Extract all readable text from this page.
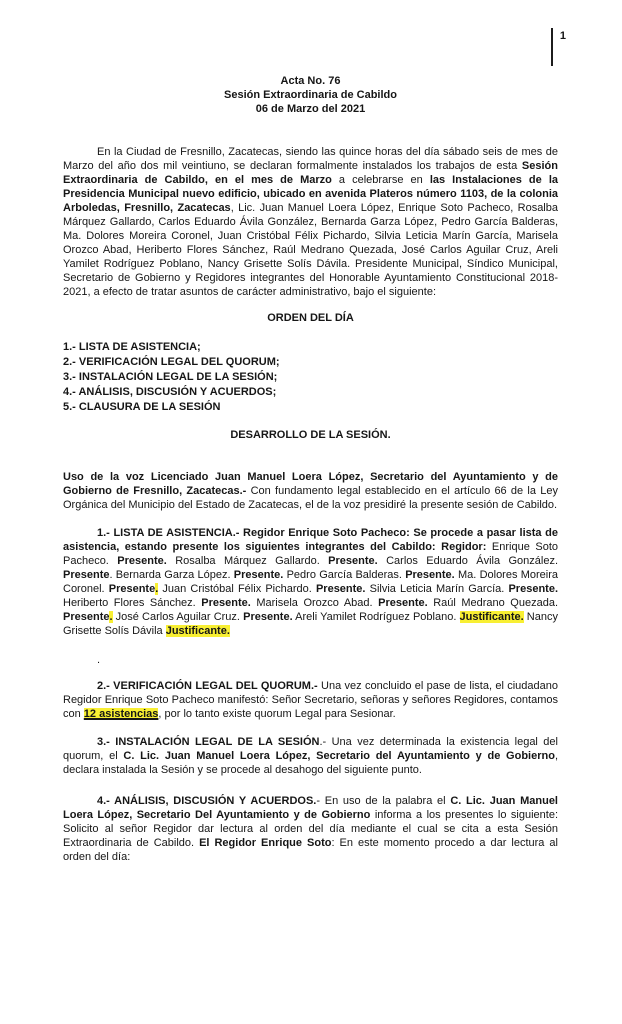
1
Acta No. 76
Sesión Extraordinaria de Cabildo
06 de Marzo del 2021
En la Ciudad de Fresnillo, Zacatecas, siendo las quince horas del día sábado seis de mes de Marzo del año dos mil veintiuno, se declaran formalmente instalados los trabajos de esta Sesión Extraordinaria de Cabildo, en el mes de Marzo a celebrarse en las Instalaciones de la Presidencia Municipal nuevo edificio, ubicado en avenida Plateros número 1103, de la colonia Arboledas, Fresnillo, Zacatecas, Lic. Juan Manuel Loera López, Enrique Soto Pacheco, Rosalba Márquez Gallardo, Carlos Eduardo Ávila González, Bernarda Garza López, Pedro García Balderas, Ma. Dolores Moreira Coronel, Juan Cristóbal Félix Pichardo, Silvia Leticia Marín García, Marisela Orozco Abad, Heriberto Flores Sánchez, Raúl Medrano Quezada, José Carlos Aguilar Cruz, Areli Yamilet Rodríguez Poblano, Nancy Grisette Solís Dávila. Presidente Municipal, Síndico Municipal, Secretario de Gobierno y Regidores integrantes del Honorable Ayuntamiento Constitucional 2018-2021, a efecto de tratar asuntos de carácter administrativo, bajo el siguiente:
ORDEN DEL DÍA
1.- LISTA DE ASISTENCIA;
2.- VERIFICACIÓN LEGAL DEL QUORUM;
3.- INSTALACIÓN LEGAL DE LA SESIÓN;
4.- ANÁLISIS, DISCUSIÓN Y ACUERDOS;
5.- CLAUSURA DE LA SESIÓN
DESARROLLO DE LA SESIÓN.
Uso de la voz Licenciado Juan Manuel Loera López, Secretario del Ayuntamiento y de Gobierno de Fresnillo, Zacatecas.- Con fundamento legal establecido en el artículo 66 de la Ley Orgánica del Municipio del Estado de Zacatecas, el de la voz presidiré la presente sesión de Cabildo.
1.- LISTA DE ASISTENCIA.- Regidor Enrique Soto Pacheco: Se procede a pasar lista de asistencia, estando presente los siguientes integrantes del Cabildo: Regidor: Enrique Soto Pacheco. Presente. Rosalba Márquez Gallardo. Presente. Carlos Eduardo Ávila González. Presente. Bernarda Garza López. Presente. Pedro García Balderas. Presente. Ma. Dolores Moreira Coronel. Presente. Juan Cristóbal Félix Pichardo. Presente. Silvia Leticia Marín García. Presente. Heriberto Flores Sánchez. Presente. Marisela Orozco Abad. Presente. Raúl Medrano Quezada. Presente. José Carlos Aguilar Cruz. Presente. Areli Yamilet Rodríguez Poblano. Justificante. Nancy Grisette Solís Dávila Justificante.
.
2.- VERIFICACIÓN LEGAL DEL QUORUM.- Una vez concluido el pase de lista, el ciudadano Regidor Enrique Soto Pacheco manifestó: Señor Secretario, señoras y señores Regidores, contamos con 12 asistencias, por lo tanto existe quorum Legal para Sesionar.
3.- INSTALACIÓN LEGAL DE LA SESIÓN.- Una vez determinada la existencia legal del quorum, el C. Lic. Juan Manuel Loera López, Secretario del Ayuntamiento y de Gobierno, declara instalada la Sesión y se procede al desahogo del siguiente punto.
4.- ANÁLISIS, DISCUSIÓN Y ACUERDOS.- En uso de la palabra el C. Lic. Juan Manuel Loera López, Secretario Del Ayuntamiento y de Gobierno informa a los presentes lo siguiente: Solicito al señor Regidor dar lectura al orden del día mediante el cual se cita a esta Sesión Extraordinaria de Cabildo. El Regidor Enrique Soto: En este momento procedo a dar lectura al orden del día:
